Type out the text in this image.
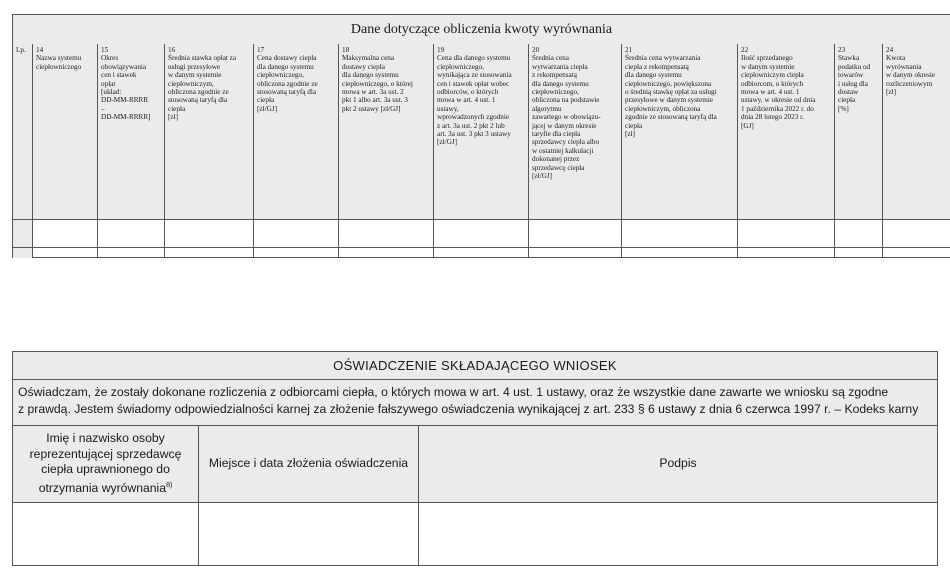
Dane dotyczące obliczenia kwoty wyrównania
Lp.	14
Nazwa systemu
ciepłowniczego
15
Okres
obowiązywania
cen i stawek
opłat
[układ:
DD-MM-RRRR
–
DD-MM-RRRR]
16
Średnia stawka opłat za
usługi przesyłowe
w danym systemie
ciepłowniczym,
obliczona zgodnie ze
stosowaną taryfą dla
ciepła
[zł]
17
Cena dostawy ciepła
dla danego systemu
ciepłowniczego,
obliczona zgodnie ze
stosowaną taryfą dla
ciepła
[zł/GJ]
18
Maksymalna cena
dostawy ciepła
dla danego systemu
ciepłowniczego, o której
mowa w art. 3a ust. 2
pkt 1 albo art. 3a ust. 3
pkt 2 ustawy [zł/GJ]
19
Cena dla danego systemu
ciepłowniczego,
wynikająca ze stosowania
cen i stawek opłat wobec
odbiorców, o których
mowa w art. 4 ust. 1
ustawy,
wprowadzonych zgodnie
z art. 3a ust. 2 pkt 2 lub
art. 3a ust. 3 pkt 3 ustawy
[zł/GJ]
20
Średnia cena
wytwarzania ciepła
z rekompensatą
dla danego systemu
ciepłowniczego,
obliczona na podstawie
algorytmu
zawartego w obowiązu-
jącej w danym okresie
taryfie dla ciepła
sprzedawcy ciepła albo
w ostatniej kalkulacji
dokonanej przez
sprzedawcę ciepła
[zł/GJ]
21
Średnia cena wytwarzania
ciepła z rekompensatą
dla danego systemu
ciepłowniczego, powiększona
o średnią stawkę opłat za usługi
przesyłowe w danym systemie
ciepłowniczym, obliczona
zgodnie ze stosowaną taryfą dla
ciepła
[zł]
22
Ilość sprzedanego
w danym systemie
ciepłowniczym ciepła
odbiorcom, o których
mowa w art. 4 ust. 1
ustawy, w okresie od dnia
1 października 2022 r. do
dnia 28 lutego 2023 r.
[GJ]
23
Stawka
podatku od
towarów
i usług dla
dostaw
ciepła
[%]
24
Kwota
wyrównania
w danym okresie
rozliczeniowym
[zł]
OŚWIADCZENIE SKŁADAJĄCEGO WNIOSEK
Oświadczam, że zostały dokonane rozliczenia z odbiorcami ciepła, o których mowa w art. 4 ust. 1 ustawy, oraz że wszystkie dane zawarte we wniosku są zgodne
z prawdą. Jestem świadomy odpowiedzialności karnej za złożenie fałszywego oświadczenia wynikającej z art. 233 § 6 ustawy z dnia 6 czerwca 1997 r. – Kodeks karny
Imię i nazwisko osoby reprezentującej sprzedawcę ciepła uprawnionego do otrzymania wyrównania$^{8)}$
Miejsce i data złożenia oświadczenia	Podpis
